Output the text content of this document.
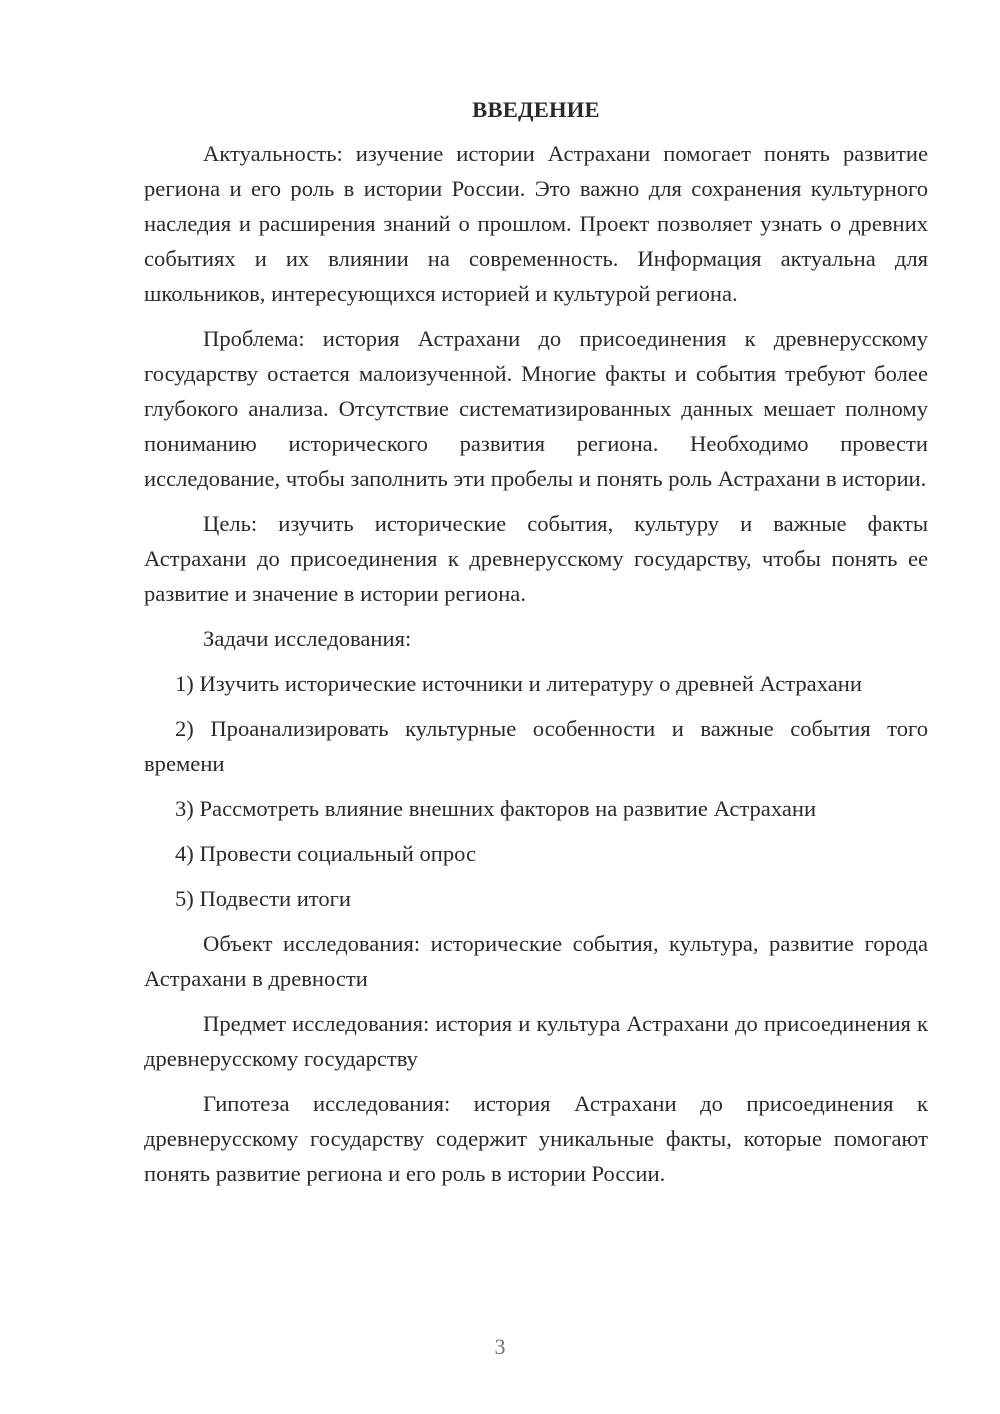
ВВЕДЕНИЕ

Актуальность: изучение истории Астрахани помогает понять развитие региона и его роль в истории России. Это важно для сохранения культурного наследия и расширения знаний о прошлом. Проект позволяет узнать о древних событиях и их влиянии на современность. Информация актуальна для школьников, интересующихся историей и культурой региона.

Проблема: история Астрахани до присоединения к древнерусскому государству остается малоизученной. Многие факты и события требуют более глубокого анализа. Отсутствие систематизированных данных мешает полному пониманию исторического развития региона. Необходимо провести исследование, чтобы заполнить эти пробелы и понять роль Астрахани в истории.

Цель: изучить исторические события, культуру и важные факты Астрахани до присоединения к древнерусскому государству, чтобы понять ее развитие и значение в истории региона.

Задачи исследования:

1) Изучить исторические источники и литературу о древней Астрахани

2) Проанализировать культурные особенности и важные события того времени

3) Рассмотреть влияние внешних факторов на развитие Астрахани

4) Провести социальный опрос

5) Подвести итоги

Объект исследования: исторические события, культура, развитие города Астрахани в древности

Предмет исследования: история и культура Астрахани до присоединения к древнерусскому государству

Гипотеза исследования: история Астрахани до присоединения к древнерусскому государству содержит уникальные факты, которые помогают понять развитие региона и его роль в истории России.

3
